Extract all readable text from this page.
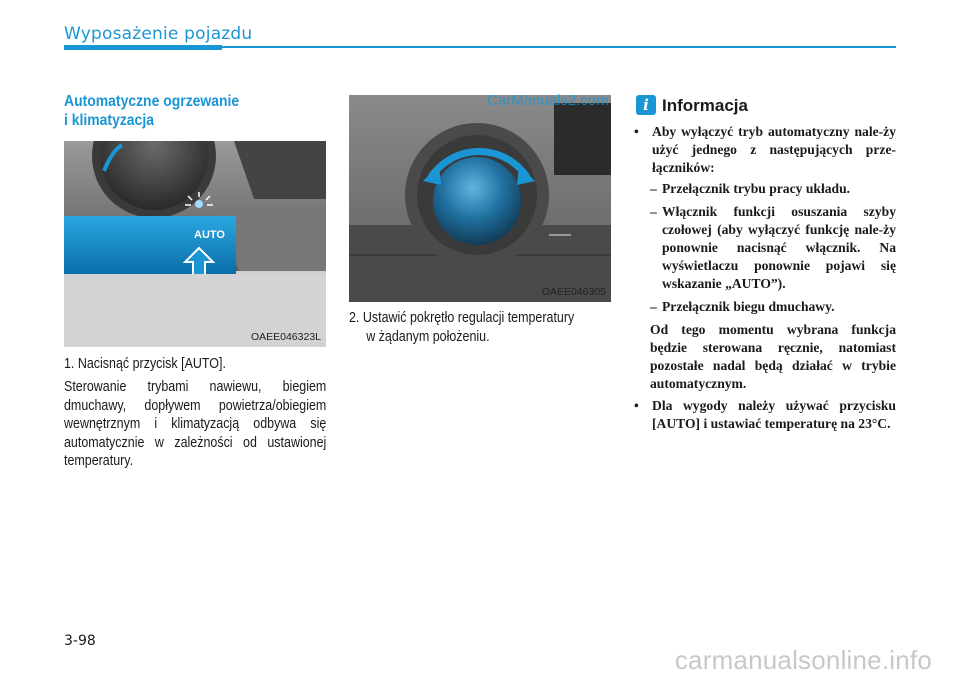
Wyposażenie pojazdu

Automatyczne ogrzewanie

i klimatyzacja

AUTO
OAEE046323L
OAEE046305
CarManuals2.com
1. Nacisnąć przycisk [AUTO].
Sterowanie trybami nawiewu, biegiem dmuchawy, dopływem powietrza/obiegiem wewnętrznym i klimatyzacją odbywa się automatycznie w zależności od ustawionej temperatury.
2. Ustawić pokrętło regulacji temperatury
w żądanym położeniu.
i Informacja
• Aby wyłączyć tryb automatyczny nale-ży użyć jednego z następujących prze-łączników:
– Przełącznik trybu pracy układu.
– Włącznik funkcji osuszania szyby czołowej (aby wyłączyć funkcję nale-ży ponownie nacisnąć włącznik. Na wyświetlaczu ponownie pojawi się wskazanie „AUTO”).
– Przełącznik biegu dmuchawy.
Od tego momentu wybrana funkcja będzie sterowana ręcznie, natomiast pozostałe nadal będą działać w trybie automatycznym.
• Dla wygody należy używać przycisku [AUTO] i ustawiać temperaturę na 23°C.
3-98
carmanualsonline.info
